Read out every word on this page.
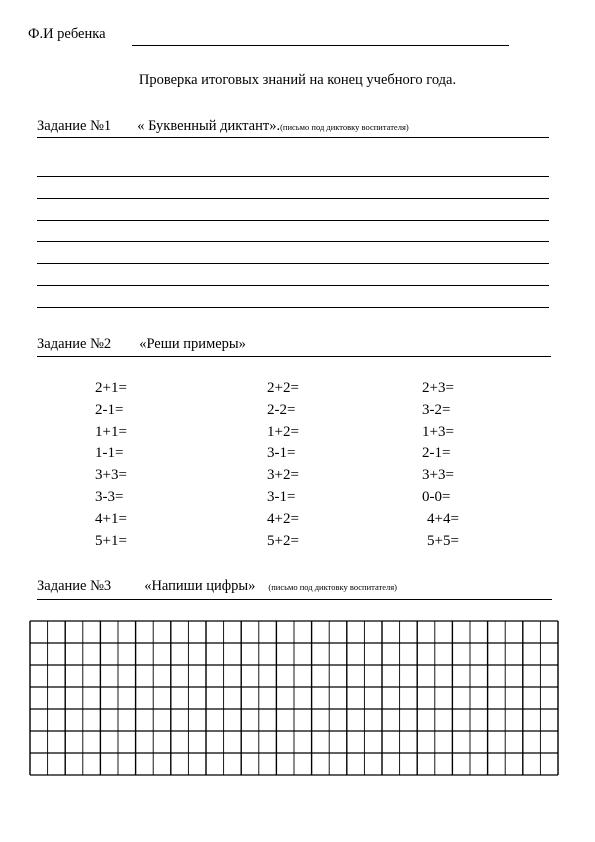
Ф.И ребенка
Проверка итоговых знаний на конец учебного года.
Задание №1 « Буквенный диктант».(письмо под диктовку воспитателя)
Задание №2 «Реши примеры»
2+1=
2-1=
1+1=
1-1=
3+3=
3-3=
4+1=
5+1=
2+2=
2-2=
1+2=
3-1=
3+2=
3-1=
4+2=
5+2=
2+3=
3-2=
1+3=
2-1=
3+3=
0-0=
4+4=
5+5=
Задание №3 «Напиши цифры» (письмо под диктовку воспитателя)
